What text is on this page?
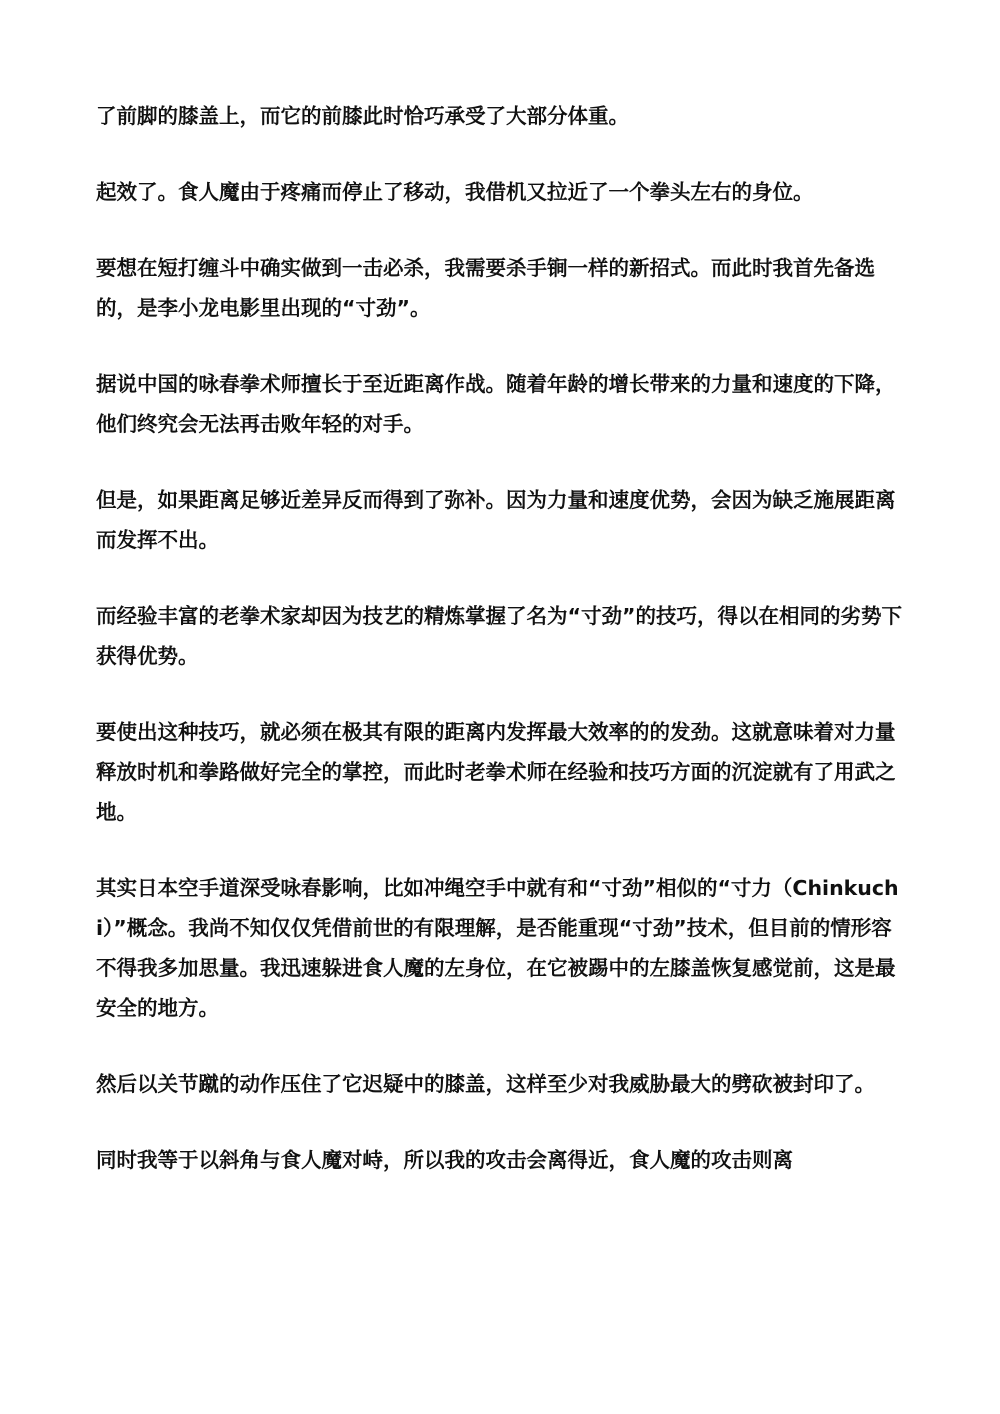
了前脚的膝盖上，而它的前膝此时恰巧承受了大部分体重。

起效了。食人魔由于疼痛而停止了移动，我借机又拉近了一个拳头左右的身位。

要想在短打缠斗中确实做到一击必杀，我需要杀手锏一样的新招式。而此时我首先备选的，是李小龙电影里出现的“寸劲”。

据说中国的咏春拳术师擅长于至近距离作战。随着年龄的增长带来的力量和速度的下降，他们终究会无法再击败年轻的对手。

但是，如果距离足够近差异反而得到了弥补。因为力量和速度优势，会因为缺乏施展距离而发挥不出。

而经验丰富的老拳术家却因为技艺的精炼掌握了名为“寸劲”的技巧，得以在相同的劣势下获得优势。

要使出这种技巧，就必须在极其有限的距离内发挥最大效率的的发劲。这就意味着对力量释放时机和拳路做好完全的掌控，而此时老拳术师在经验和技巧方面的沉淀就有了用武之地。

其实日本空手道深受咏春影响，比如冲绳空手中就有和“寸劲”相似的“寸力（Chinkuchi）”概念。我尚不知仅仅凭借前世的有限理解，是否能重现“寸劲”技术，但目前的情形容不得我多加思量。我迅速躲进食人魔的左身位，在它被踢中的左膝盖恢复感觉前，这是最安全的地方。

然后以关节蹴的动作压住了它迟疑中的膝盖，这样至少对我威胁最大的劈砍被封印了。

同时我等于以斜角与食人魔对峙，所以我的攻击会离得近，食人魔的攻击则离
